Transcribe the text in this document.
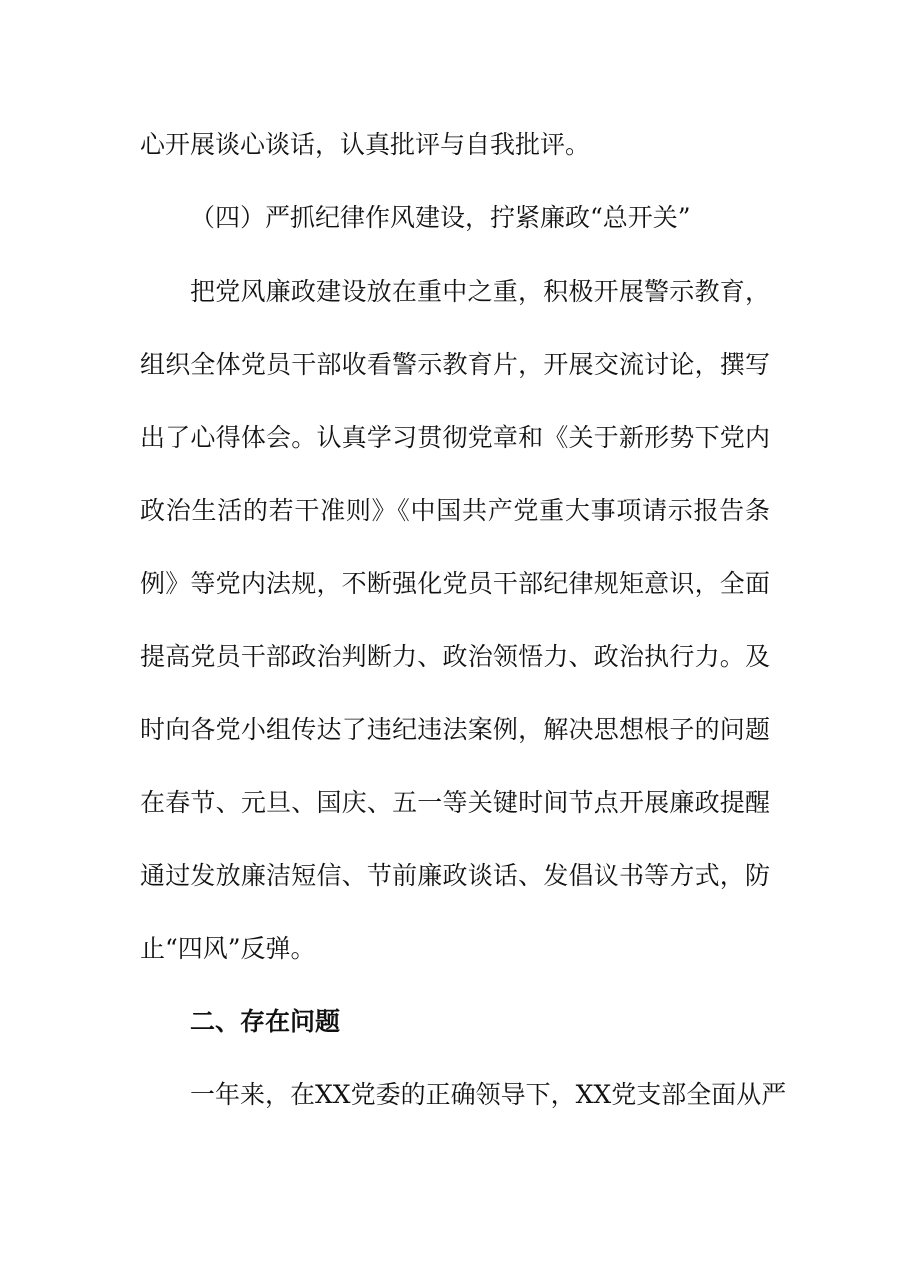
心开展谈心谈话，认真批评与自我批评。
（四）严抓纪律作风建设，拧紧廉政“总开关”
把党风廉政建设放在重中之重，积极开展警示教育，
组织全体党员干部收看警示教育片，开展交流讨论，撰写
出了心得体会。认真学习贯彻党章和《关于新形势下党内
政治生活的若干准则》《中国共产党重大事项请示报告条
例》等党内法规，不断强化党员干部纪律规矩意识，全面
提高党员干部政治判断力、政治领悟力、政治执行力。及
时向各党小组传达了违纪违法案例，解决思想根子的问题
在春节、元旦、国庆、五一等关键时间节点开展廉政提醒
通过发放廉洁短信、节前廉政谈话、发倡议书等方式，防
止“四风”反弹。
二、存在问题
一年来，在XX党委的正确领导下，XX党支部全面从严
